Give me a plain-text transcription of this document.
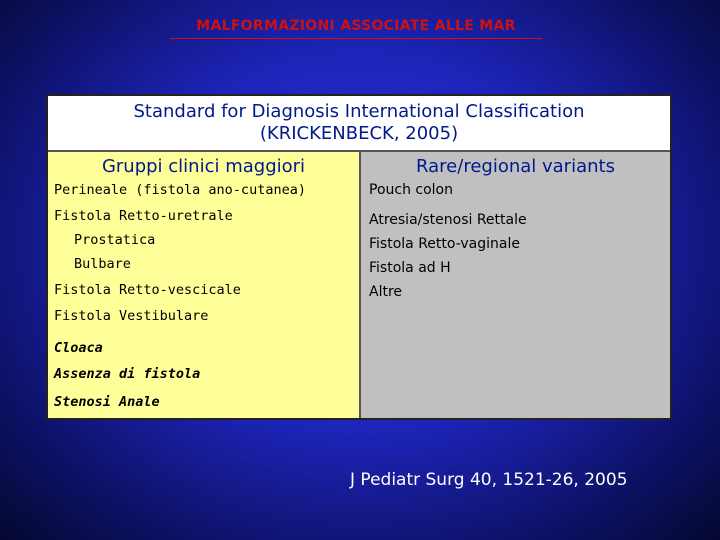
MALFORMAZIONI ASSOCIATE ALLE MAR
Standard for Diagnosis International Classification
(KRICKENBECK, 2005)
Gruppi clinici maggiori
Perineale (fistola ano-cutanea)
Fistola Retto-uretrale
Prostatica
Bulbare
Fistola Retto-vescicale
Fistola Vestibulare
Cloaca
Assenza di fistola
Stenosi Anale
Rare/regional variants
Pouch colon
Atresia/stenosi Rettale
Fistola Retto-vaginale
Fistola ad H
Altre
J Pediatr Surg 40, 1521-26, 2005
